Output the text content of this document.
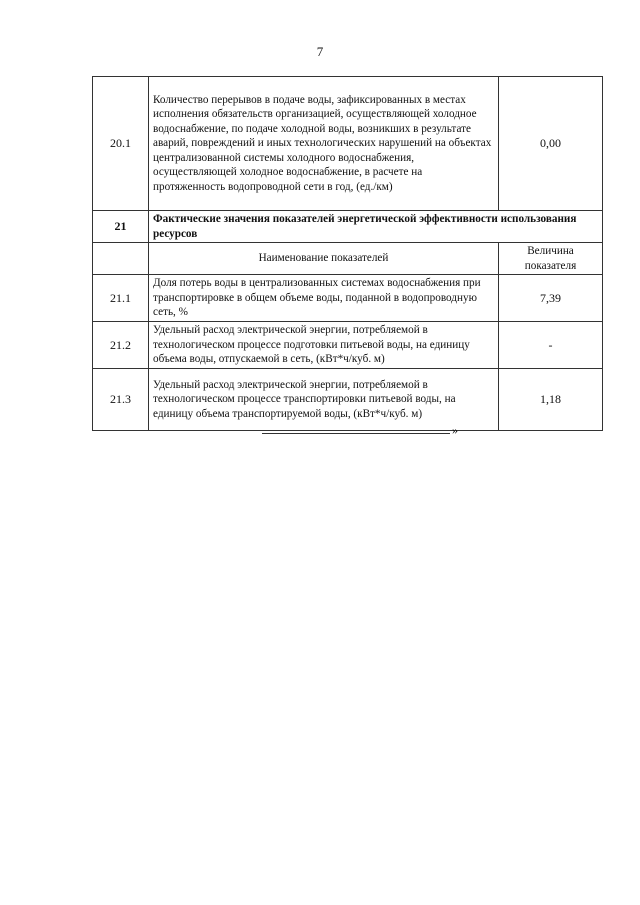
7
20.1	Количество перерывов в подаче воды, зафиксированных в местах исполнения обязательств организацией, осуществляющей холодное водоснабжение, по подаче холодной воды, возникших в результате аварий, повреждений и иных технологических нарушений на объектах централизованной системы холодного водоснабжения, осуществляющей холодное водоснабжение, в расчете на протяженность водопроводной сети в год, (ед./км)	0,00
21	Фактические значения показателей энергетической эффективности использования ресурсов	
	Наименование показателей	Величина показателя
21.1	Доля потерь воды в централизованных системах водоснабжения при транспортировке в общем объеме воды, поданной в водопроводную сеть, %	7,39
21.2	Удельный расход электрической энергии, потребляемой в технологическом процессе подготовки питьевой воды, на единицу объема воды, отпускаемой в сеть, (кВт*ч/куб. м)	-
21.3	Удельный расход электрической энергии, потребляемой в технологическом процессе транспортировки питьевой воды, на единицу объема транспортируемой воды, (кВт*ч/куб. м)	1,18
»
